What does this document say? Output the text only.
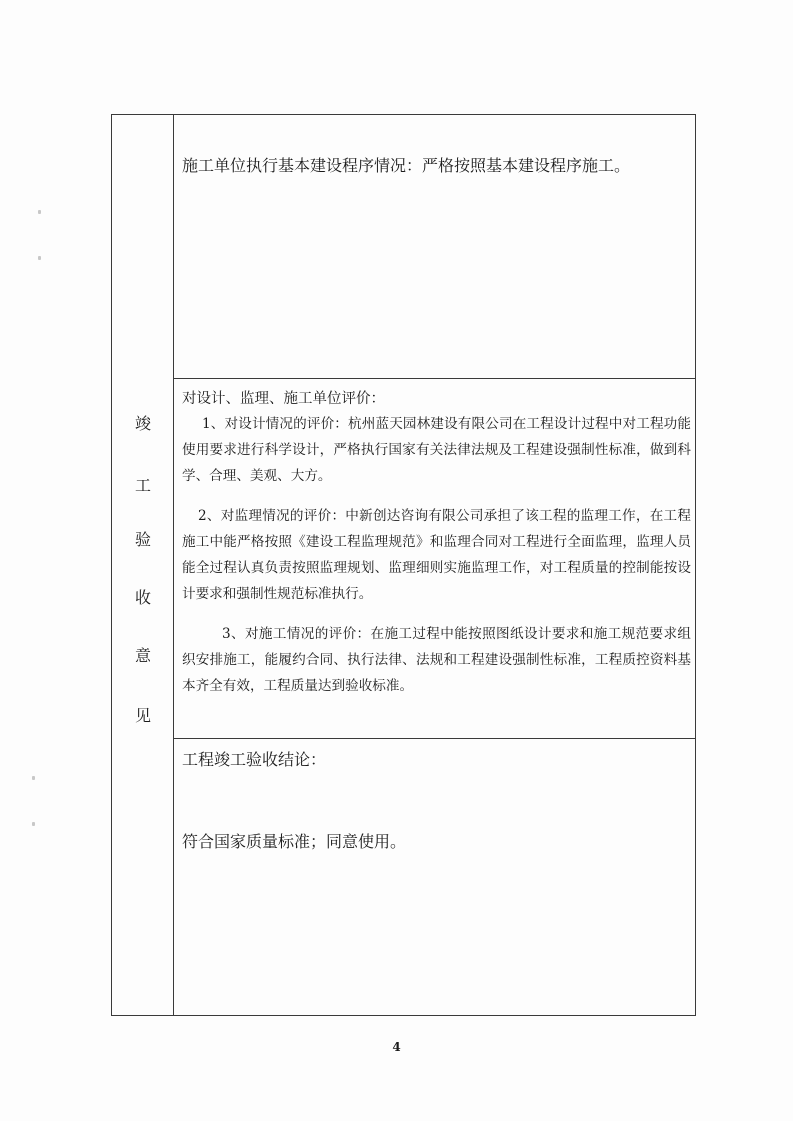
竣
工
验
收
意
见
施工单位执行基本建设程序情况：严格按照基本建设程序施工。
对设计、监理、施工单位评价：
1、对设计情况的评价：杭州蓝天园林建设有限公司在工程设计过程中对工程功能使用要求进行科学设计，严格执行国家有关法律法规及工程建设强制性标准，做到科学、合理、美观、大方。
2、对监理情况的评价：中新创达咨询有限公司承担了该工程的监理工作，在工程施工中能严格按照《建设工程监理规范》和监理合同对工程进行全面监理，监理人员能全过程认真负责按照监理规划、监理细则实施监理工作，对工程质量的控制能按设计要求和强制性规范标准执行。
3、对施工情况的评价：在施工过程中能按照图纸设计要求和施工规范要求组织安排施工，能履约合同、执行法律、法规和工程建设强制性标准，工程质控资料基本齐全有效，工程质量达到验收标准。
工程竣工验收结论：
符合国家质量标准；同意使用。
4
